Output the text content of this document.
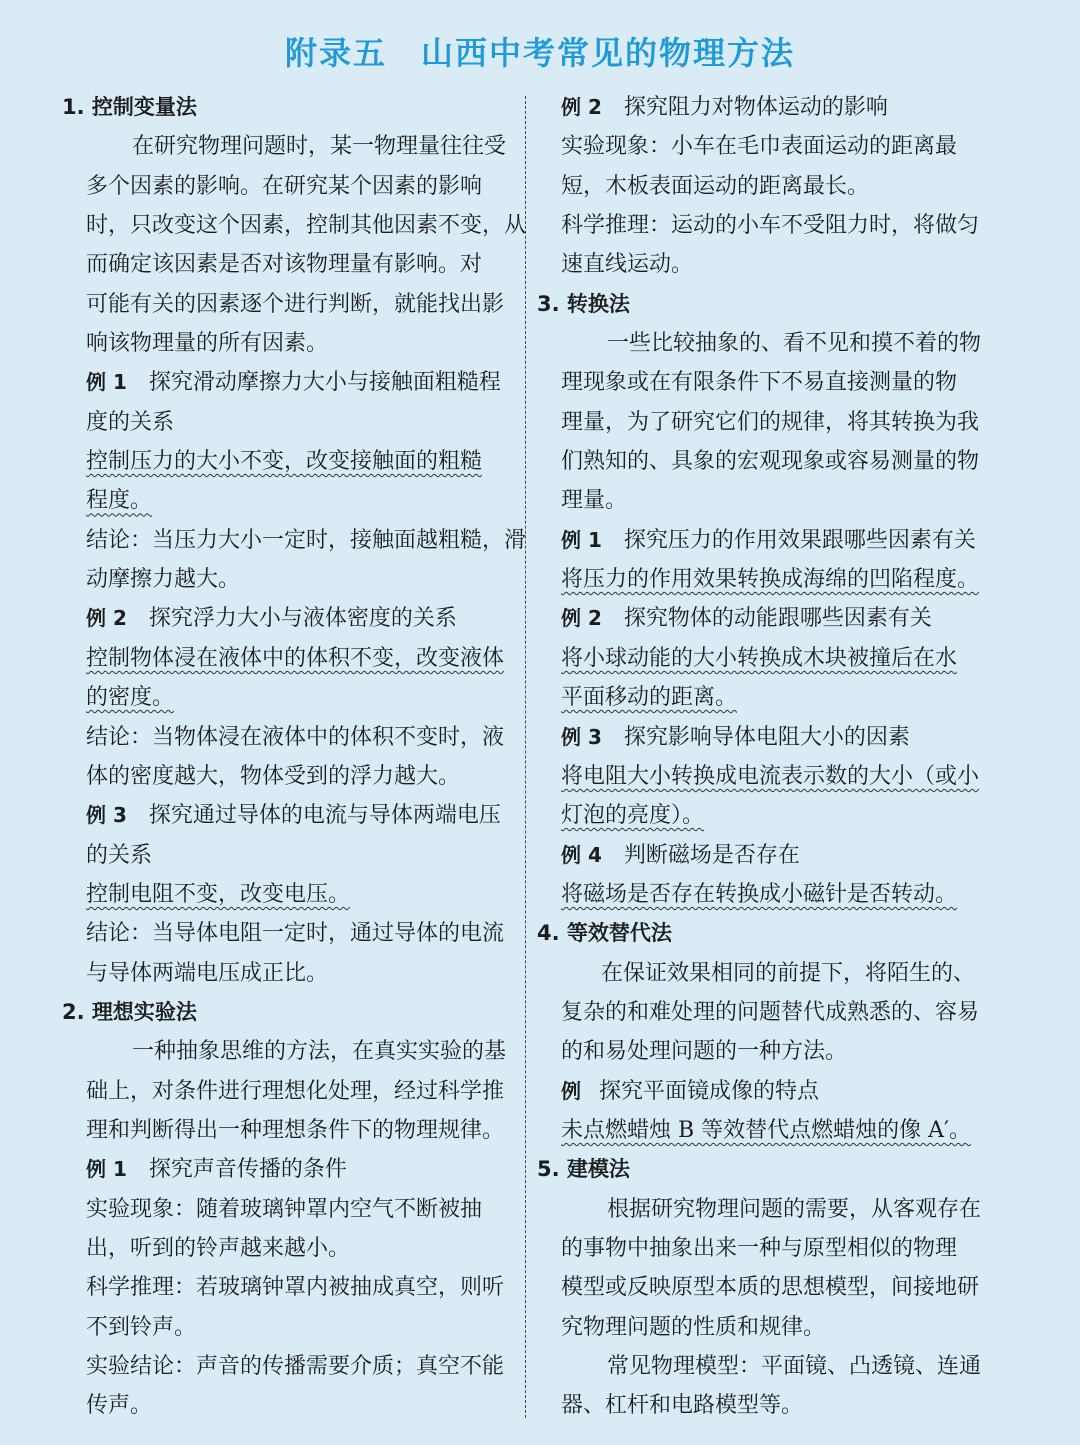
附录五　山西中考常见的物理方法
1. 控制变量法
在研究物理问题时，某一物理量往往受
多个因素的影响。在研究某个因素的影响
时，只改变这个因素，控制其他因素不变，从
而确定该因素是否对该物理量有影响。对
可能有关的因素逐个进行判断，就能找出影
响该物理量的所有因素。
例 1 探究滑动摩擦力大小与接触面粗糙程
度的关系
控制压力的大小不变，改变接触面的粗糙
程度。
结论：当压力大小一定时，接触面越粗糙，滑
动摩擦力越大。
例 2 探究浮力大小与液体密度的关系
控制物体浸在液体中的体积不变，改变液体
的密度。
结论：当物体浸在液体中的体积不变时，液
体的密度越大，物体受到的浮力越大。
例 3 探究通过导体的电流与导体两端电压
的关系
控制电阻不变，改变电压。
结论：当导体电阻一定时，通过导体的电流
与导体两端电压成正比。
2. 理想实验法
一种抽象思维的方法，在真实实验的基
础上，对条件进行理想化处理，经过科学推
理和判断得出一种理想条件下的物理规律。
例 1 探究声音传播的条件
实验现象：随着玻璃钟罩内空气不断被抽
出，听到的铃声越来越小。
科学推理：若玻璃钟罩内被抽成真空，则听
不到铃声。
实验结论：声音的传播需要介质；真空不能
传声。
例 2 探究阻力对物体运动的影响
实验现象：小车在毛巾表面运动的距离最
短，木板表面运动的距离最长。
科学推理：运动的小车不受阻力时，将做匀
速直线运动。
3. 转换法
一些比较抽象的、看不见和摸不着的物
理现象或在有限条件下不易直接测量的物
理量，为了研究它们的规律，将其转换为我
们熟知的、具象的宏观现象或容易测量的物
理量。
例 1 探究压力的作用效果跟哪些因素有关
将压力的作用效果转换成海绵的凹陷程度。
例 2 探究物体的动能跟哪些因素有关
将小球动能的大小转换成木块被撞后在水
平面移动的距离。
例 3 探究影响导体电阻大小的因素
将电阻大小转换成电流表示数的大小（或小
灯泡的亮度）。
例 4 判断磁场是否存在
将磁场是否存在转换成小磁针是否转动。
4. 等效替代法
在保证效果相同的前提下，将陌生的、
复杂的和难处理的问题替代成熟悉的、容易
的和易处理问题的一种方法。
例 探究平面镜成像的特点
未点燃蜡烛 B 等效替代点燃蜡烛的像 A′。
5. 建模法
根据研究物理问题的需要，从客观存在
的事物中抽象出来一种与原型相似的物理
模型或反映原型本质的思想模型，间接地研
究物理问题的性质和规律。
常见物理模型：平面镜、凸透镜、连通
器、杠杆和电路模型等。
